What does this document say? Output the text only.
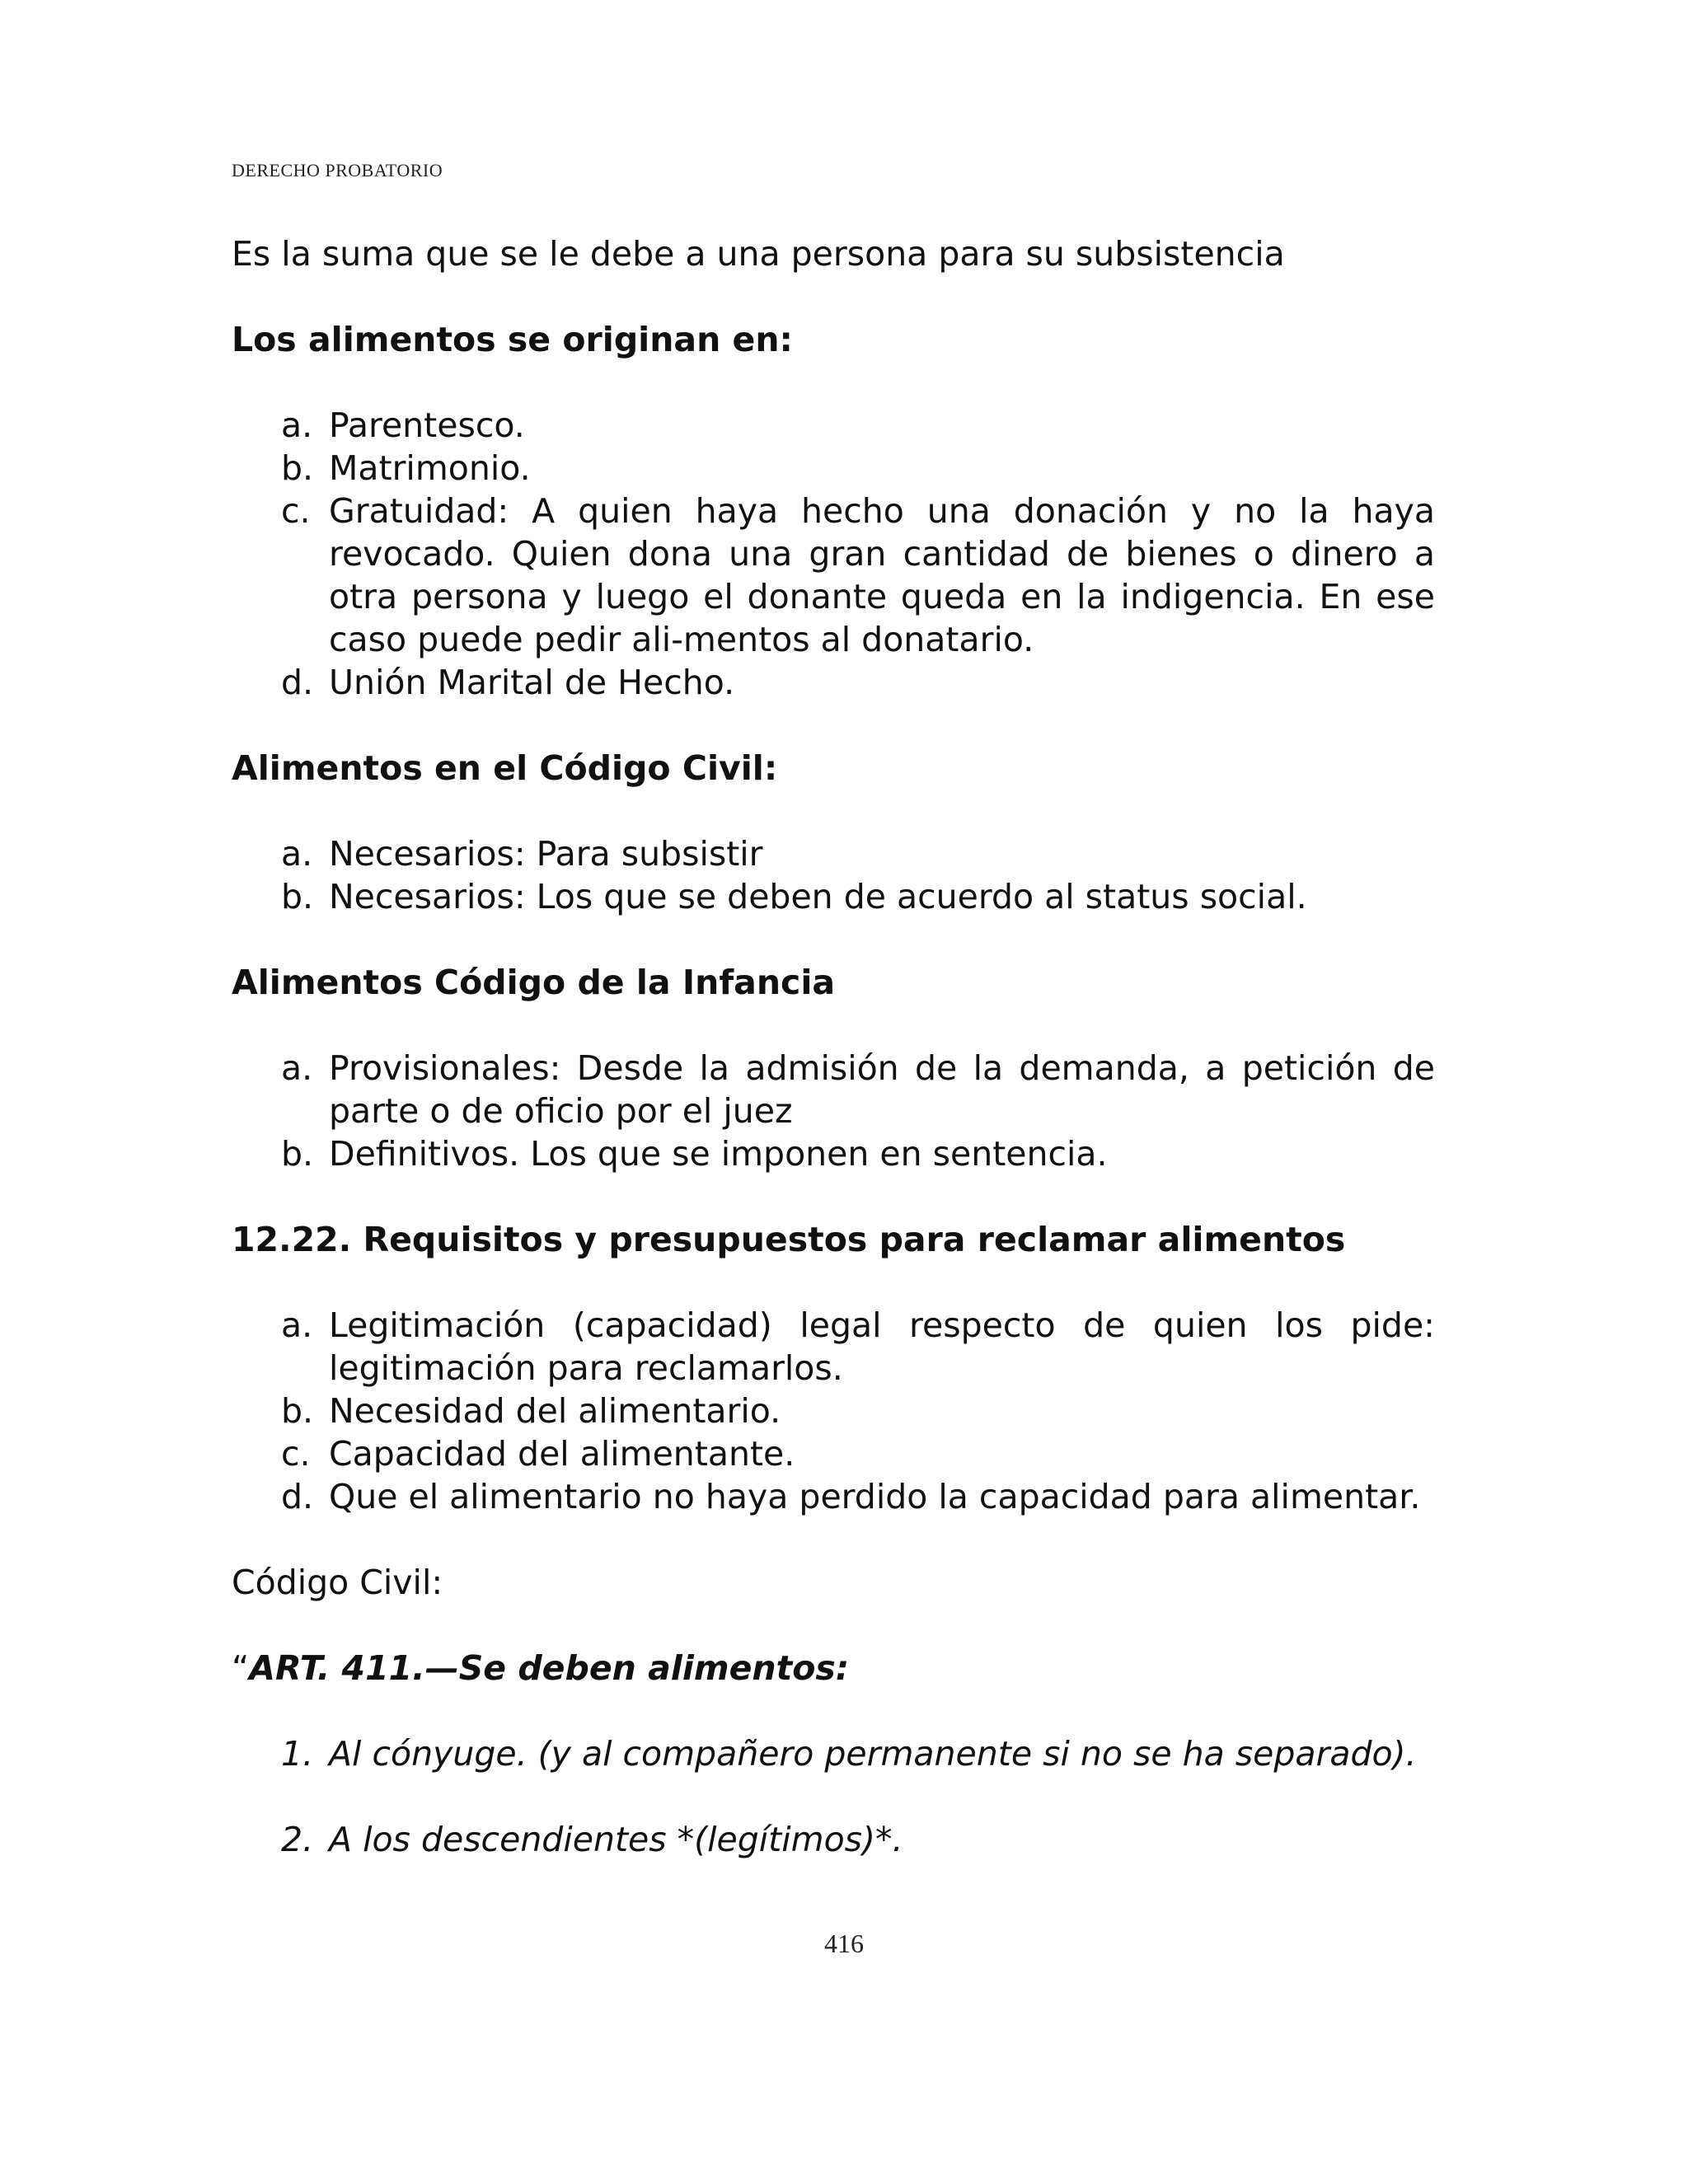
DERECHO PROBATORIO

Es la suma que se le debe a una persona para su subsistencia

Los alimentos se originan en:

a. Parentesco.
b. Matrimonio.
c. Gratuidad: A quien haya hecho una donación y no la haya revocado. Quien dona una gran cantidad de bienes o dinero a otra persona y luego el donante queda en la indigencia. En ese caso puede pedir ali-mentos al donatario.
d. Unión Marital de Hecho.

Alimentos en el Código Civil:

a. Necesarios: Para subsistir
b. Necesarios: Los que se deben de acuerdo al status social.

Alimentos Código de la Infancia

a. Provisionales: Desde la admisión de la demanda, a petición de parte o de oficio por el juez
b. Definitivos. Los que se imponen en sentencia.

12.22. Requisitos y presupuestos para reclamar alimentos

a. Legitimación (capacidad) legal respecto de quien los pide: legitimación para reclamarlos.
b. Necesidad del alimentario.
c. Capacidad del alimentante.
d. Que el alimentario no haya perdido la capacidad para alimentar.

Código Civil:

“ART. 411.—Se deben alimentos:

1. Al cónyuge. (y al compañero permanente si no se ha separado).
2. A los descendientes *(legítimos)*.
416
